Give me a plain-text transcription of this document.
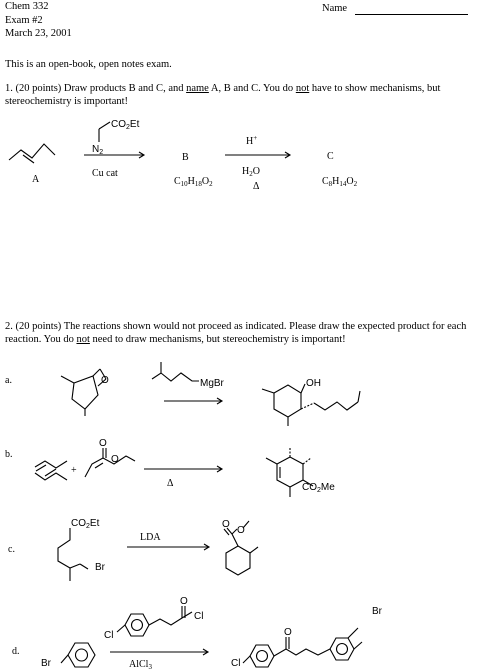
Chem 332
Exam #2
March 23, 2001
Name
This is an open-book, open notes exam.
1. (20 points) Draw products B and C, and name A, B and C. You do not have to show mechanisms, but stereochemistry is important!
2. (20 points) The reactions shown would not proceed as indicated. Please draw the expected product for each reaction. You do not need to draw mechanisms, but stereochemistry is important!
A
$CO_2Et$
$N_2$
Cu cat
B
$C_{10}H_{18}O_2$
H+
$H_2O$
Δ
C
$C_8H_{14}O_2$
a.	O	MgBr	OH
b.
+
O
O
Δ	$CO_2Me$
c.
$CO_2Et$
Br
LDA
O
O
d.
Br
Cl
O
Cl
AlCl$_3$	Cl
O
Br
